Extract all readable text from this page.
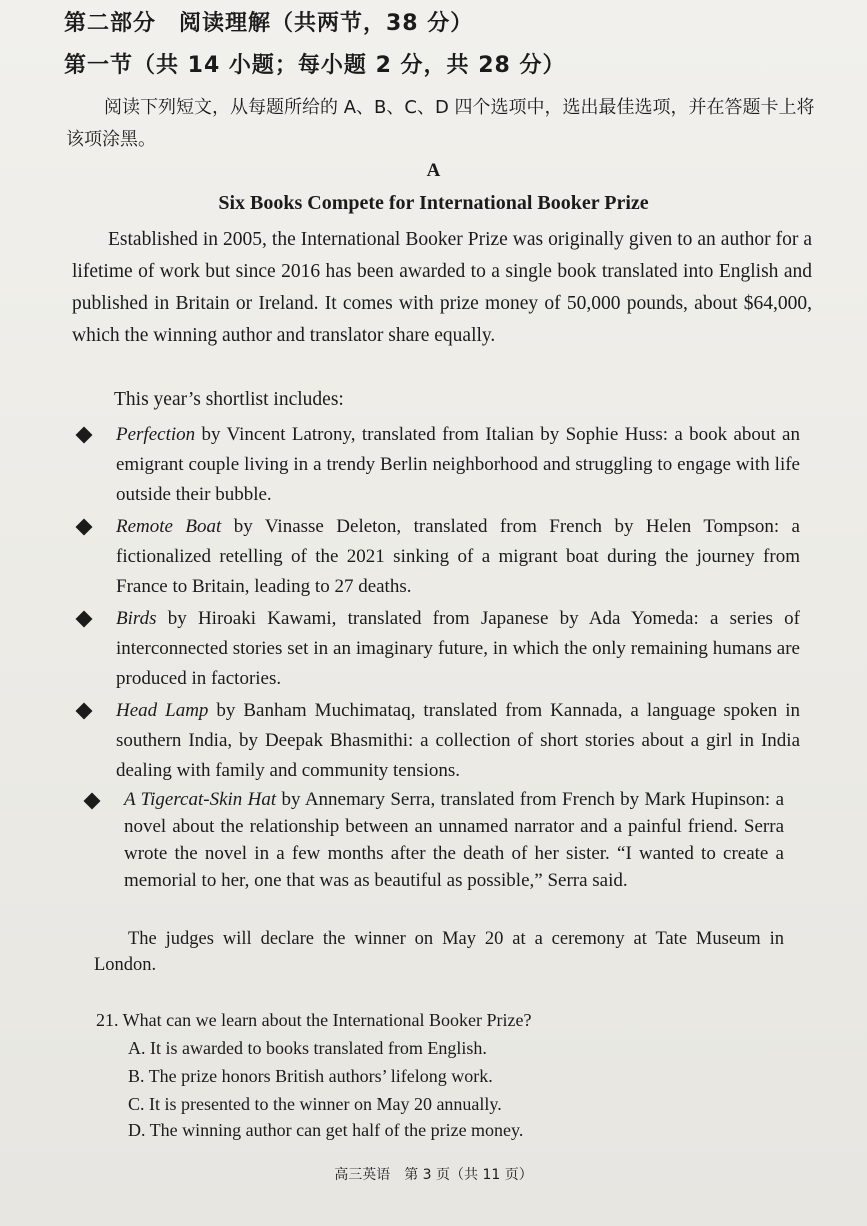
第二部分　阅读理解（共两节，38 分）
第一节（共 14 小题；每小题 2 分，共 28 分）
阅读下列短文，从每题所给的 A、B、C、D 四个选项中，选出最佳选项，并在答题卡上将该项涂黑。
A
Six Books Compete for International Booker Prize
Established in 2005, the International Booker Prize was originally given to an author for a lifetime of work but since 2016 has been awarded to a single book translated into English and published in Britain or Ireland. It comes with prize money of 50,000 pounds, about $64,000, which the winning author and translator share equally.
This year’s shortlist includes:
Perfection by Vincent Latrony, translated from Italian by Sophie Huss: a book about an emigrant couple living in a trendy Berlin neighborhood and struggling to engage with life outside their bubble.
Remote Boat by Vinasse Deleton, translated from French by Helen Tompson: a fictionalized retelling of the 2021 sinking of a migrant boat during the journey from France to Britain, leading to 27 deaths.
Birds by Hiroaki Kawami, translated from Japanese by Ada Yomeda: a series of interconnected stories set in an imaginary future, in which the only remaining humans are produced in factories.
Head Lamp by Banham Muchimataq, translated from Kannada, a language spoken in southern India, by Deepak Bhasmithi: a collection of short stories about a girl in India dealing with family and community tensions.
A Tigercat-Skin Hat by Annemary Serra, translated from French by Mark Hupinson: a novel about the relationship between an unnamed narrator and a painful friend. Serra wrote the novel in a few months after the death of her sister. “I wanted to create a memorial to her, one that was as beautiful as possible,” Serra said.
The judges will declare the winner on May 20 at a ceremony at Tate Museum in London.
21. What can we learn about the International Booker Prize?
A. It is awarded to books translated from English.
B. The prize honors British authors’ lifelong work.
C. It is presented to the winner on May 20 annually.
D. The winning author can get half of the prize money.
高三英语　第 3 页（共 11 页）
